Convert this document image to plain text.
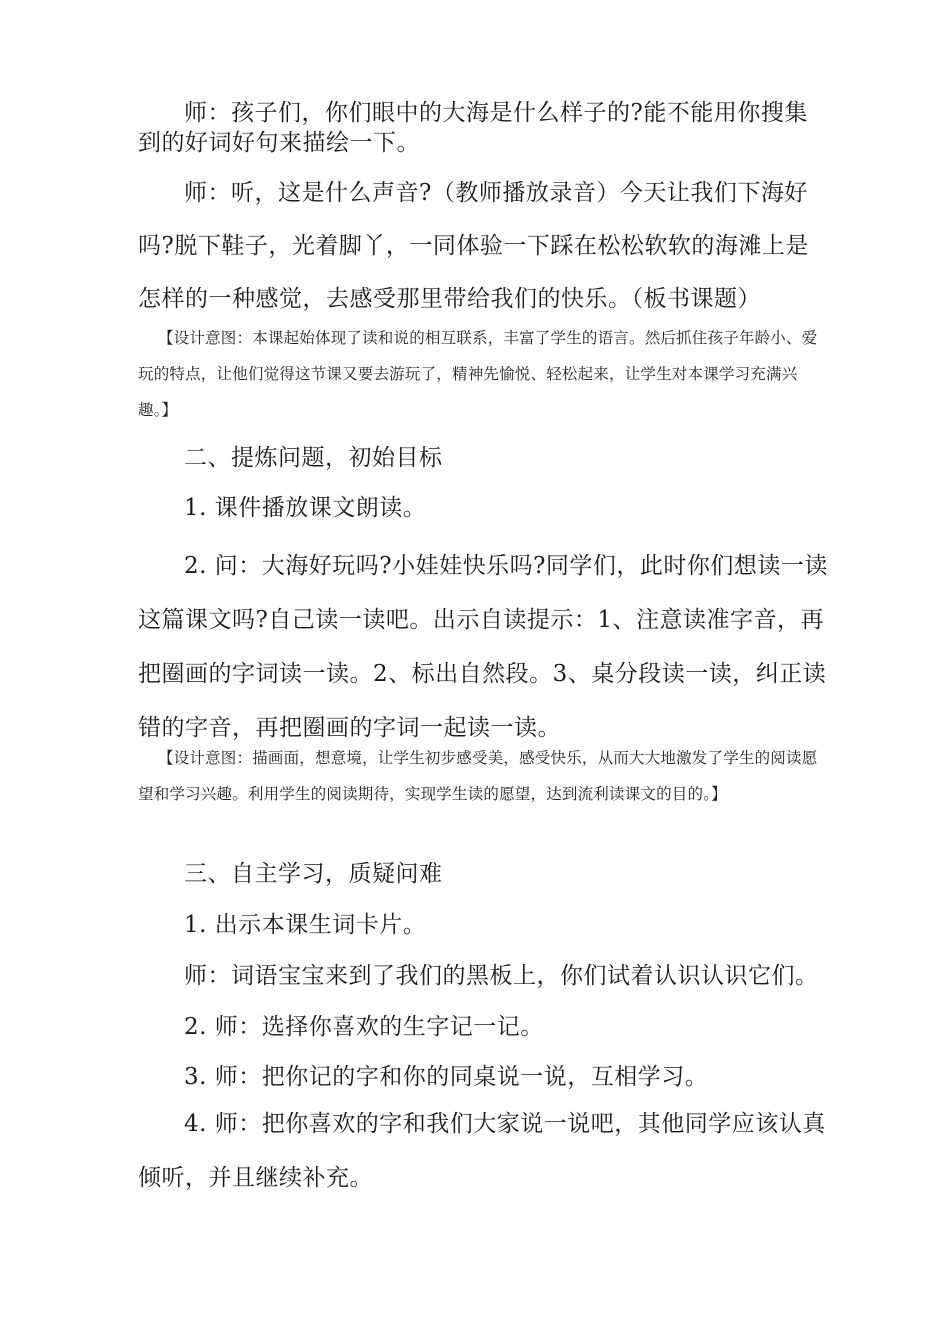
师：孩子们，你们眼中的大海是什么样子的?能不能用你搜集到的好词好句来描绘一下。

师：听，这是什么声音?（教师播放录音）今天让我们下海好吗?脱下鞋子，光着脚丫，一同体验一下踩在松松软软的海滩上是怎样的一种感觉，去感受那里带给我们的快乐。（板书课题）

【设计意图：本课起始体现了读和说的相互联系，丰富了学生的语言。然后抓住孩子年龄小、爱玩的特点，让他们觉得这节课又要去游玩了，精神先愉悦、轻松起来，让学生对本课学习充满兴趣。】

二、提炼问题，初始目标

1. 课件播放课文朗读。

2. 问：大海好玩吗?小娃娃快乐吗?同学们，此时你们想读一读这篇课文吗?自己读一读吧。出示自读提示：1、注意读准字音，再把圈画的字词读一读。2、标出自然段。3、桌分段读一读，纠正读错的字音，再把圈画的字词一起读一读。

【设计意图：描画面，想意境，让学生初步感受美，感受快乐，从而大大地激发了学生的阅读愿望和学习兴趣。利用学生的阅读期待，实现学生读的愿望，达到流利读课文的目的。】

三、自主学习，质疑问难

1. 出示本课生词卡片。

师：词语宝宝来到了我们的黑板上，你们试着认识认识它们。

2. 师：选择你喜欢的生字记一记。

3. 师：把你记的字和你的同桌说一说，互相学习。

4. 师：把你喜欢的字和我们大家说一说吧，其他同学应该认真倾听，并且继续补充。
